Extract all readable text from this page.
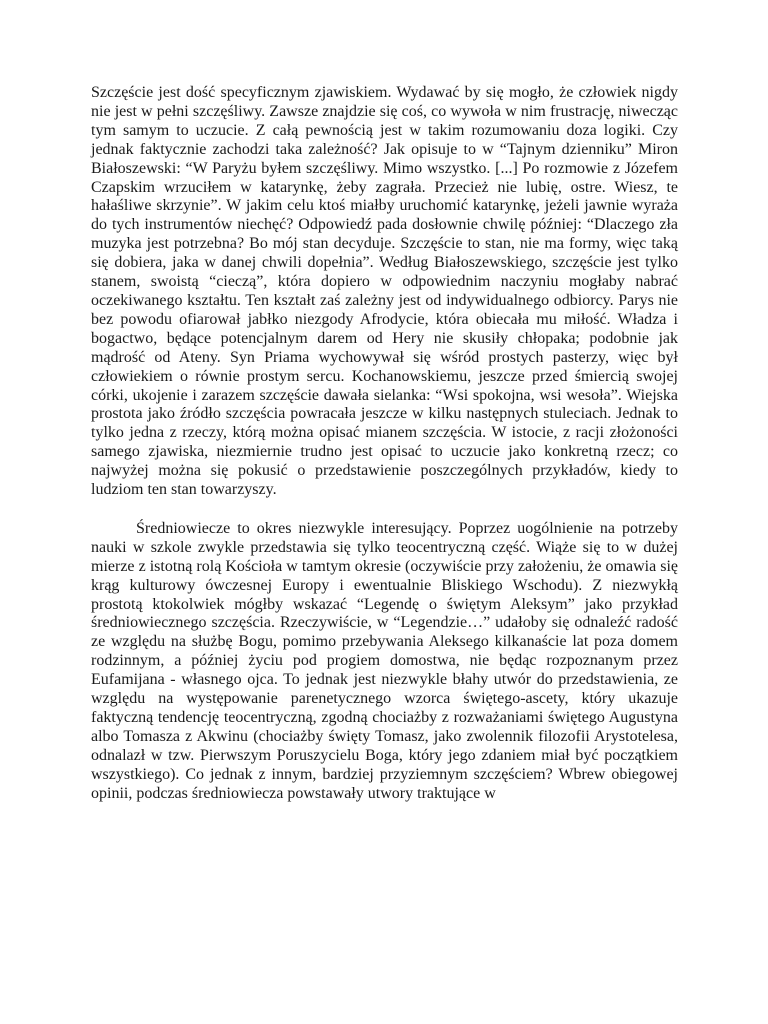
Szczęście jest dość specyficznym zjawiskiem. Wydawać by się mogło, że człowiek nigdy nie jest w pełni szczęśliwy. Zawsze znajdzie się coś, co wywoła w nim frustrację, niwecząc tym samym to uczucie. Z całą pewnością jest w takim rozumowaniu doza logiki. Czy jednak faktycznie zachodzi taka zależność? Jak opisuje to w “Tajnym dzienniku” Miron Białoszewski: “W Paryżu byłem szczęśliwy. Mimo wszystko. [...] Po rozmowie z Józefem Czapskim wrzuciłem w katarynkę, żeby zagrała. Przecież nie lubię, ostre. Wiesz, te hałaśliwe skrzynie”. W jakim celu ktoś miałby uruchomić katarynkę, jeżeli jawnie wyraża do tych instrumentów niechęć? Odpowiedź pada dosłownie chwilę później: “Dlaczego zła muzyka jest potrzebna? Bo mój stan decyduje. Szczęście to stan, nie ma formy, więc taką się dobiera, jaka w danej chwili dopełnia”. Według Białoszewskiego, szczęście jest tylko stanem, swoistą “cieczą”, która dopiero w odpowiednim naczyniu mogłaby nabrać oczekiwanego kształtu. Ten kształt zaś zależny jest od indywidualnego odbiorcy. Parys nie bez powodu ofiarował jabłko niezgody Afrodycie, która obiecała mu miłość. Władza i bogactwo, będące potencjalnym darem od Hery nie skusiły chłopaka; podobnie jak mądrość od Ateny. Syn Priama wychowywał się wśród prostych pasterzy, więc był człowiekiem o równie prostym sercu. Kochanowskiemu, jeszcze przed śmiercią swojej córki, ukojenie i zarazem szczęście dawała sielanka: “Wsi spokojna, wsi wesoła”. Wiejska prostota jako źródło szczęścia powracała jeszcze w kilku następnych stuleciach. Jednak to tylko jedna z rzeczy, którą można opisać mianem szczęścia. W istocie, z racji złożoności samego zjawiska, niezmiernie trudno jest opisać to uczucie jako konkretną rzecz; co najwyżej można się pokusić o przedstawienie poszczególnych przykładów, kiedy to ludziom ten stan towarzyszy.

Średniowiecze to okres niezwykle interesujący. Poprzez uogólnienie na potrzeby nauki w szkole zwykle przedstawia się tylko teocentryczną część. Wiąże się to w dużej mierze z istotną rolą Kościoła w tamtym okresie (oczywiście przy założeniu, że omawia się krąg kulturowy ówczesnej Europy i ewentualnie Bliskiego Wschodu). Z niezwykłą prostotą ktokolwiek mógłby wskazać “Legendę o świętym Aleksym” jako przykład średniowiecznego szczęścia. Rzeczywiście, w “Legendzie…” udałoby się odnaleźć radość ze względu na służbę Bogu, pomimo przebywania Aleksego kilkanaście lat poza domem rodzinnym, a później życiu pod progiem domostwa, nie będąc rozpoznanym przez Eufamijana - własnego ojca. To jednak jest niezwykle błahy utwór do przedstawienia, ze względu na występowanie parenetycznego wzorca świętego-ascety, który ukazuje faktyczną tendencję teocentryczną, zgodną chociażby z rozważaniami świętego Augustyna albo Tomasza z Akwinu (chociażby święty Tomasz, jako zwolennik filozofii Arystotelesa, odnalazł w tzw. Pierwszym Poruszycielu Boga, który jego zdaniem miał być początkiem wszystkiego). Co jednak z innym, bardziej przyziemnym szczęściem? Wbrew obiegowej opinii, podczas średniowiecza powstawały utwory traktujące w
